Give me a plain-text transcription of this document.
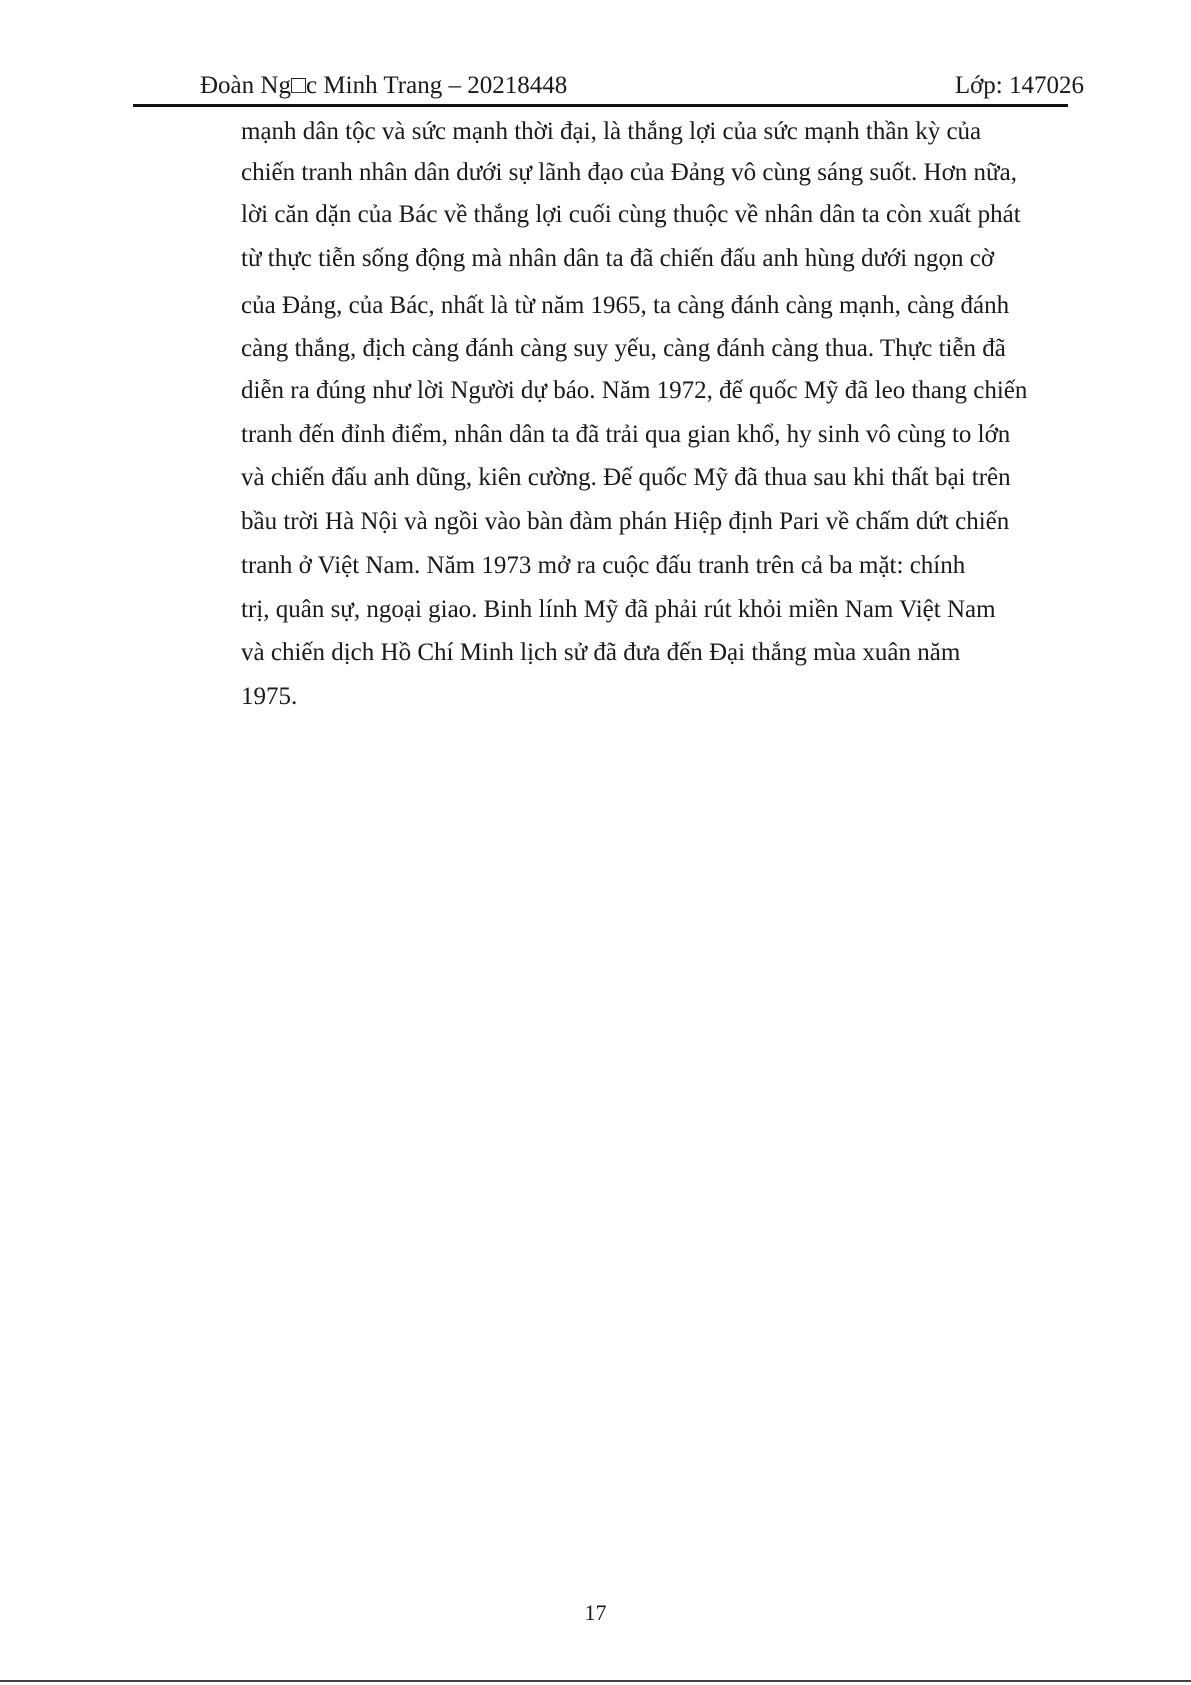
Đoàn Ng□c Minh Trang – 20218448	Lớp: 147026
mạnh dân tộc và sức mạnh thời đại, là thắng lợi của sức mạnh thần kỳ của
chiến tranh nhân dân dưới sự lãnh đạo của Đảng vô cùng sáng suốt. Hơn nữa,
lời căn dặn của Bác về thắng lợi cuối cùng thuộc về nhân dân ta còn xuất phát
từ thực tiễn sống động mà nhân dân ta đã chiến đấu anh hùng dưới ngọn cờ
của Đảng, của Bác, nhất là từ năm 1965, ta càng đánh càng mạnh, càng đánh
càng thắng, địch càng đánh càng suy yếu, càng đánh càng thua. Thực tiễn đã
diễn ra đúng như lời Người dự báo. Năm 1972, đế quốc Mỹ đã leo thang chiến
tranh đến đỉnh điểm, nhân dân ta đã trải qua gian khổ, hy sinh vô cùng to lớn
và chiến đấu anh dũng, kiên cường. Đế quốc Mỹ đã thua sau khi thất bại trên
bầu trời Hà Nội và ngồi vào bàn đàm phán Hiệp định Pari về chấm dứt chiến
tranh ở Việt Nam. Năm 1973 mở ra cuộc đấu tranh trên cả ba mặt: chính
trị, quân sự, ngoại giao. Binh lính Mỹ đã phải rút khỏi miền Nam Việt Nam
và chiến dịch Hồ Chí Minh lịch sử đã đưa đến Đại thắng mùa xuân năm
1975.
17
